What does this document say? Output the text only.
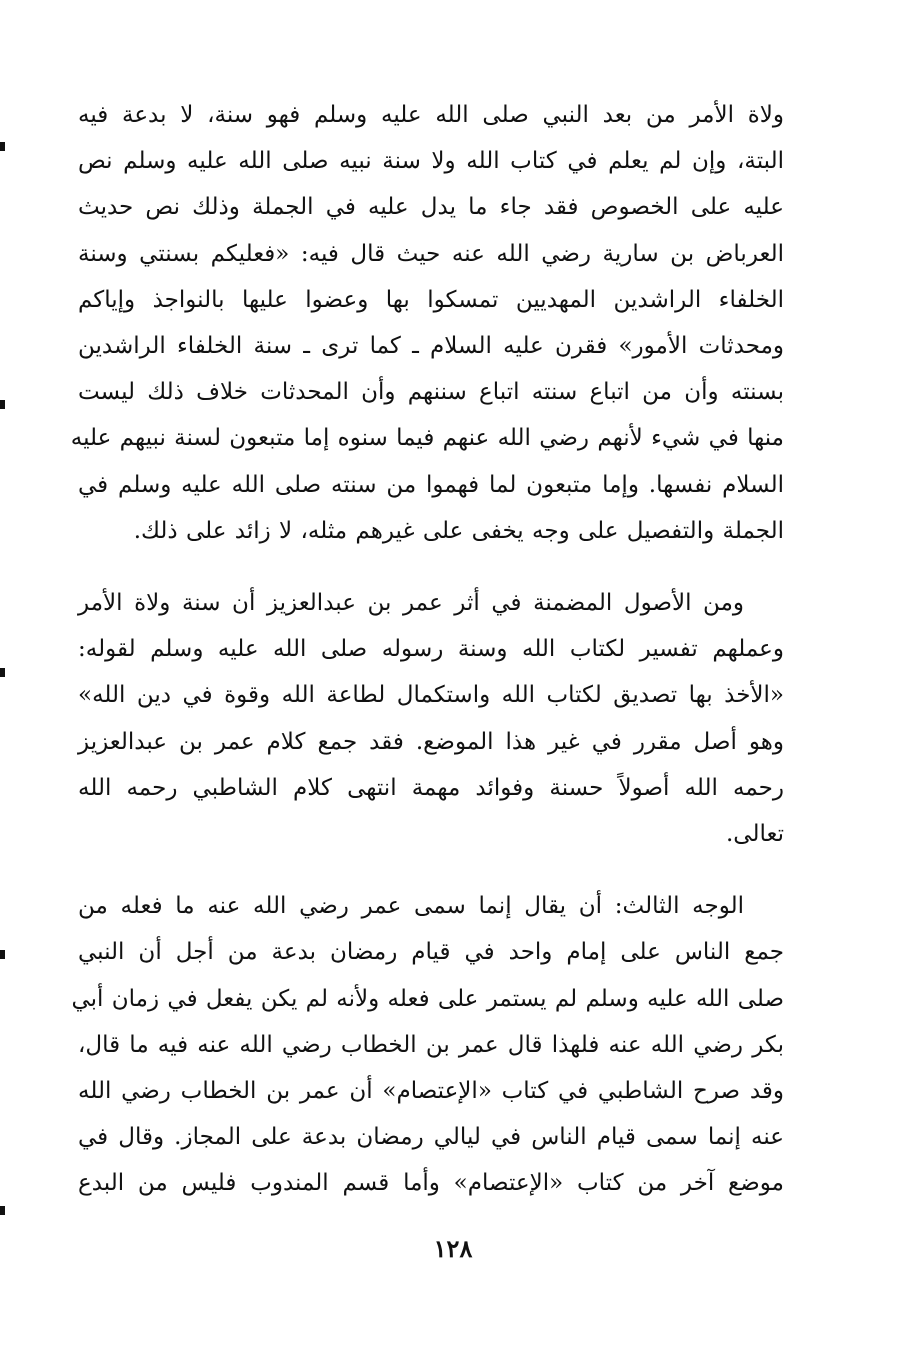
ولاة الأمر من بعد النبي صلى الله عليه وسلم فهو سنة، لا بدعة فيه
البتة، وإن لم يعلم في كتاب الله ولا سنة نبيه صلى الله عليه وسلم نص
عليه على الخصوص فقد جاء ما يدل عليه في الجملة وذلك نص حديث
العرباض بن سارية رضي الله عنه حيث قال فيه: «فعليكم بسنتي وسنة
الخلفاء الراشدين المهديين تمسكوا بها وعضوا عليها بالنواجذ وإياكم
ومحدثات الأمور» فقرن عليه السلام ـ كما ترى ـ سنة الخلفاء الراشدين
بسنته وأن من اتباع سنته اتباع سننهم وأن المحدثات خلاف ذلك ليست
منها في شيء لأنهم رضي الله عنهم فيما سنوه إما متبعون لسنة نبيهم عليه
السلام نفسها. وإما متبعون لما فهموا من سنته صلى الله عليه وسلم في
الجملة والتفصيل على وجه يخفى على غيرهم مثله، لا زائد على ذلك.

ومن الأصول المضمنة في أثر عمر بن عبدالعزيز أن سنة ولاة الأمر
وعملهم تفسير لكتاب الله وسنة رسوله صلى الله عليه وسلم لقوله:
«الأخذ بها تصديق لكتاب الله واستكمال لطاعة الله وقوة في دين الله»
وهو أصل مقرر في غير هذا الموضع. فقد جمع كلام عمر بن عبدالعزيز
رحمه الله أصولاً حسنة وفوائد مهمة انتهى كلام الشاطبي رحمه الله
تعالى.

الوجه الثالث: أن يقال إنما سمى عمر رضي الله عنه ما فعله من
جمع الناس على إمام واحد في قيام رمضان بدعة من أجل أن النبي
صلى الله عليه وسلم لم يستمر على فعله ولأنه لم يكن يفعل في زمان أبي
بكر رضي الله عنه فلهذا قال عمر بن الخطاب رضي الله عنه فيه ما قال،
وقد صرح الشاطبي في كتاب «الإعتصام» أن عمر بن الخطاب رضي الله
عنه إنما سمى قيام الناس في ليالي رمضان بدعة على المجاز. وقال في
موضع آخر من كتاب «الإعتصام» وأما قسم المندوب فليس من البدع

١٢٨
